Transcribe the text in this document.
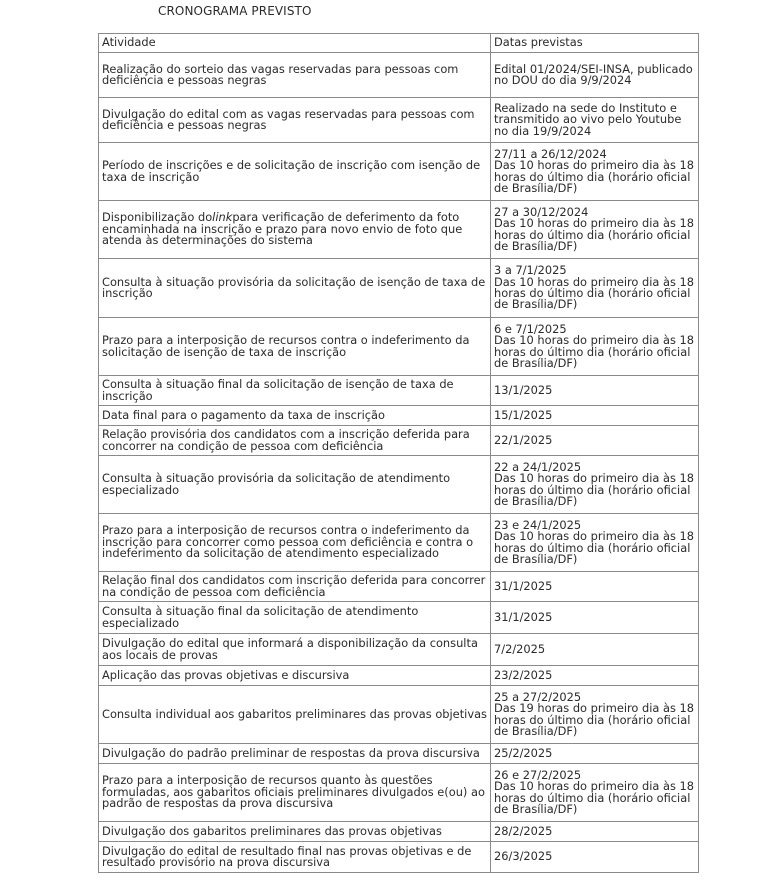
CRONOGRAMA PREVISTO

Atividade	Datas previstas
Realização do sorteio das vagas reservadas para pessoas com deficiência e pessoas negras	Edital 01/2024/SEI-INSA, publicado no DOU do dia 9/9/2024

Divulgação do edital com as vagas reservadas para pessoas com deficiência e pessoas negras	Realizado na sede do Instituto e transmitido ao vivo pelo Youtube no dia 19/9/2024

Período de inscrições e de solicitação de inscrição com isenção de taxa de inscrição	27/11 a 26/12/2024
Das 10 horas do primeiro dia às 18 horas do último dia (horário oficial de Brasília/DF)

Disponibilização dolinkpara verificação de deferimento da foto encaminhada na inscrição e prazo para novo envio de foto que atenda às determinações do sistema	27 a 30/12/2024
Das 10 horas do primeiro dia às 18 horas do último dia (horário oficial de Brasília/DF)

Consulta à situação provisória da solicitação de isenção de taxa de inscrição	3 a 7/1/2025
Das 10 horas do primeiro dia às 18 horas do último dia (horário oficial de Brasília/DF)

Prazo para a interposição de recursos contra o indeferimento da solicitação de isenção de taxa de inscrição	6 e 7/1/2025
Das 10 horas do primeiro dia às 18 horas do último dia (horário oficial de Brasília/DF)

Consulta à situação final da solicitação de isenção de taxa de inscrição	13/1/2025

Data final para o pagamento da taxa de inscrição	15/1/2025

Relação provisória dos candidatos com a inscrição deferida para concorrer na condição de pessoa com deficiência	22/1/2025

Consulta à situação provisória da solicitação de atendimento especializado	22 a 24/1/2025
Das 10 horas do primeiro dia às 18 horas do último dia (horário oficial de Brasília/DF)

Prazo para a interposição de recursos contra o indeferimento da inscrição para concorrer como pessoa com deficiência e contra o indeferimento da solicitação de atendimento especializado	23 e 24/1/2025
Das 10 horas do primeiro dia às 18 horas do último dia (horário oficial de Brasília/DF)

Relação final dos candidatos com inscrição deferida para concorrer na condição de pessoa com deficiência	31/1/2025

Consulta à situação final da solicitação de atendimento especializado	31/1/2025

Divulgação do edital que informará a disponibilização da consulta aos locais de provas	7/2/2025

Aplicação das provas objetivas e discursiva	23/2/2025

Consulta individual aos gabaritos preliminares das provas objetivas	25 a 27/2/2025
Das 19 horas do primeiro dia às 18 horas do último dia (horário oficial de Brasília/DF)

Divulgação do padrão preliminar de respostas da prova discursiva	25/2/2025

Prazo para a interposição de recursos quanto às questões formuladas, aos gabaritos oficiais preliminares divulgados e(ou) ao padrão de respostas da prova discursiva	26 e 27/2/2025
Das 10 horas do primeiro dia às 18 horas do último dia (horário oficial de Brasília/DF)

Divulgação dos gabaritos preliminares das provas objetivas	28/2/2025

Divulgação do edital de resultado final nas provas objetivas e de resultado provisório na prova discursiva	26/3/2025
